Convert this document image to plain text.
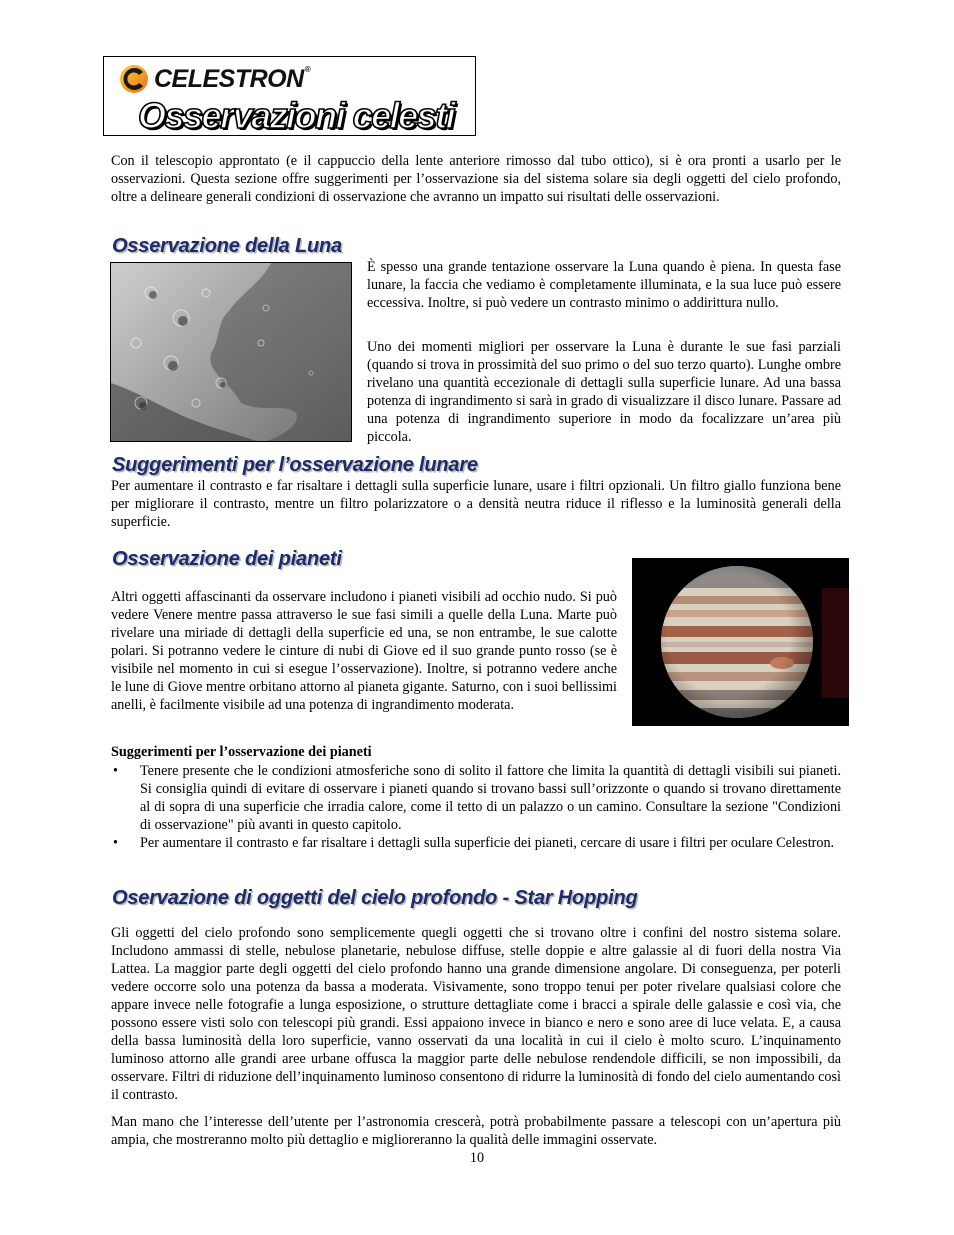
CELESTRON®
Osservazioni celesti

Con il telescopio approntato (e il cappuccio della lente anteriore rimosso dal tubo ottico), si è ora pronti a usarlo per le osservazioni. Questa sezione offre suggerimenti per l’osservazione sia del sistema solare sia degli oggetti del cielo profondo, oltre a delineare generali condizioni di osservazione che avranno un impatto sui risultati delle osservazioni.

Osservazione della Luna

È spesso una grande tentazione osservare la Luna quando è piena. In questa fase lunare, la faccia che vediamo è completamente illuminata, e la sua luce può essere eccessiva. Inoltre, si può vedere un contrasto minimo o addirittura nullo.

Uno dei momenti migliori per osservare la Luna è durante le sue fasi parziali (quando si trova in prossimità del suo primo o del suo terzo quarto). Lunghe ombre rivelano una quantità eccezionale di dettagli sulla superficie lunare. Ad una bassa potenza di ingrandimento si sarà in grado di visualizzare il disco lunare. Passare ad una potenza di ingrandimento superiore in modo da focalizzare un’area più piccola.

Suggerimenti per l’osservazione lunare

Per aumentare il contrasto e far risaltare i dettagli sulla superficie lunare, usare i filtri opzionali. Un filtro giallo funziona bene per migliorare il contrasto, mentre un filtro polarizzatore o a densità neutra riduce il riflesso e la luminosità generali della superficie.

Osservazione dei pianeti

Altri oggetti affascinanti da osservare includono i pianeti visibili ad occhio nudo. Si può vedere Venere mentre passa attraverso le sue fasi simili a quelle della Luna. Marte può rivelare una miriade di dettagli della superficie ed una, se non entrambe, le sue calotte polari. Si potranno vedere le cinture di nubi di Giove ed il suo grande punto rosso (se è visibile nel momento in cui si esegue l’osservazione). Inoltre, si potranno vedere anche le lune di Giove mentre orbitano attorno al pianeta gigante. Saturno, con i suoi bellissimi anelli, è facilmente visibile ad una potenza di ingrandimento moderata.

Suggerimenti per l’osservazione dei pianeti

• Tenere presente che le condizioni atmosferiche sono di solito il fattore che limita la quantità di dettagli visibili sui pianeti. Si consiglia quindi di evitare di osservare i pianeti quando si trovano bassi sull’orizzonte o quando si trovano direttamente al di sopra di una superficie che irradia calore, come il tetto di un palazzo o un camino. Consultare la sezione "Condizioni di osservazione" più avanti in questo capitolo.
• Per aumentare il contrasto e far risaltare i dettagli sulla superficie dei pianeti, cercare di usare i filtri per oculare Celestron.
Oservazione di oggetti del cielo profondo - Star Hopping

Gli oggetti del cielo profondo sono semplicemente quegli oggetti che si trovano oltre i confini del nostro sistema solare. Includono ammassi di stelle, nebulose planetarie, nebulose diffuse, stelle doppie e altre galassie al di fuori della nostra Via Lattea. La maggior parte degli oggetti del cielo profondo hanno una grande dimensione angolare. Di conseguenza, per poterli vedere occorre solo una potenza da bassa a moderata. Visivamente, sono troppo tenui per poter rivelare qualsiasi colore che appare invece nelle fotografie a lunga esposizione, o strutture dettagliate come i bracci a spirale delle galassie e così via, che possono essere visti solo con telescopi più grandi. Essi appaiono invece in bianco e nero e sono aree di luce velata. E, a causa della bassa luminosità della loro superficie, vanno osservati da una località in cui il cielo è molto scuro. L’inquinamento luminoso attorno alle grandi aree urbane offusca la maggior parte delle nebulose rendendole difficili, se non impossibili, da osservare. Filtri di riduzione dell’inquinamento luminoso consentono di ridurre la luminosità di fondo del cielo aumentando così il contrasto.

Man mano che l’interesse dell’utente per l’astronomia crescerà, potrà probabilmente passare a telescopi con un’apertura più ampia, che mostreranno molto più dettaglio e miglioreranno la qualità delle immagini osservate.

10
